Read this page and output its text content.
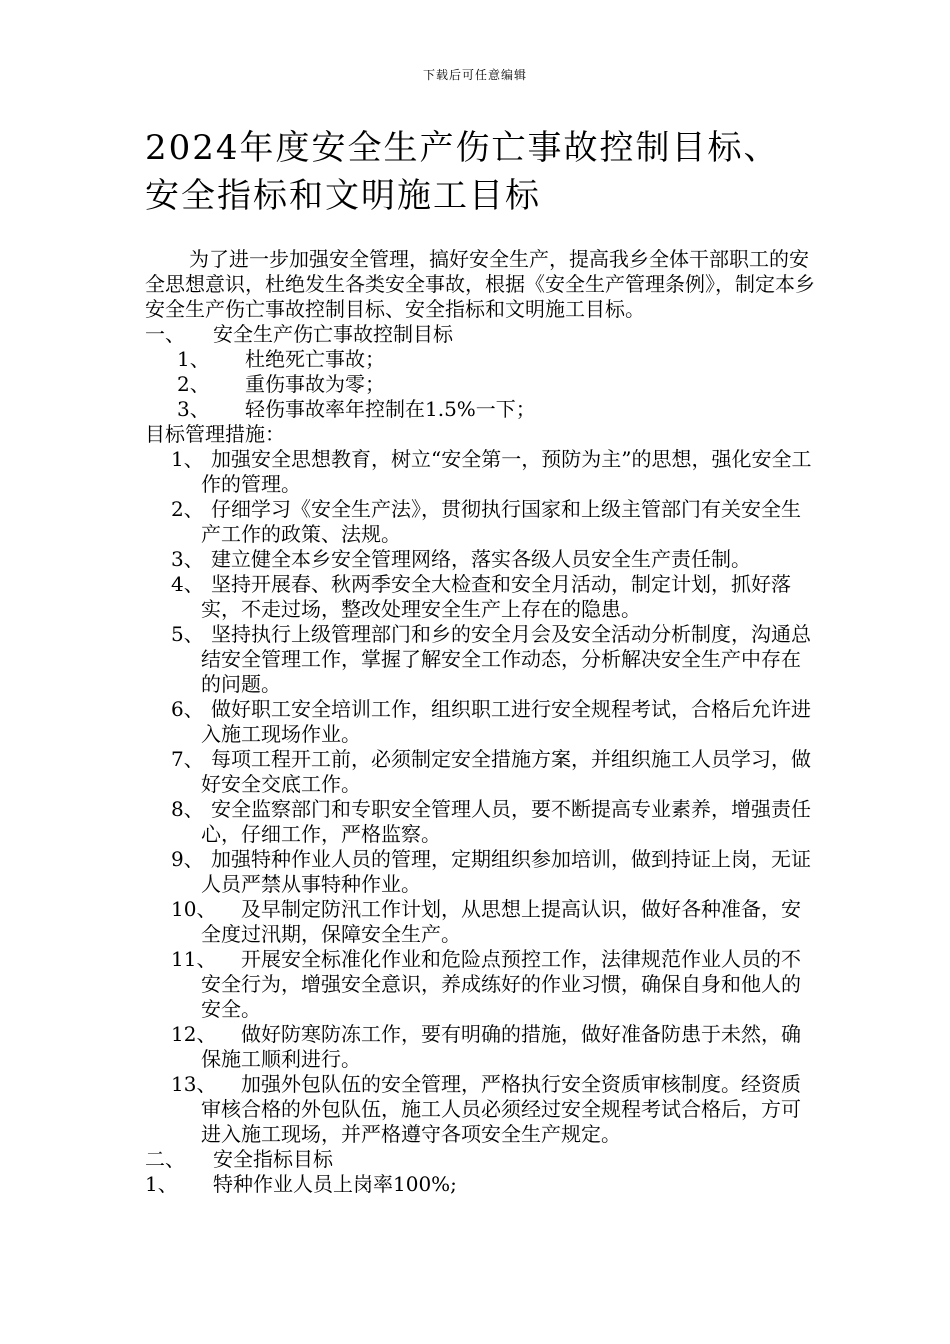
下载后可任意编辑
2024年度安全生产伤亡事故控制目标、安全指标和文明施工目标

为了进一步加强安全管理，搞好安全生产，提高我乡全体干部职工的安全思想意识，杜绝发生各类安全事故，根据《安全生产管理条例》，制定本乡安全生产伤亡事故控制目标、安全指标和文明施工目标。

一、 安全生产伤亡事故控制目标

1、 杜绝死亡事故；

2、 重伤事故为零；

3、 轻伤事故率年控制在1.5%一下；

目标管理措施：

1、 加强安全思想教育，树立“安全第一，预防为主”的思想，强化安全工作的管理。

2、 仔细学习《安全生产法》，贯彻执行国家和上级主管部门有关安全生产工作的政策、法规。

3、 建立健全本乡安全管理网络，落实各级人员安全生产责任制。

4、 坚持开展春、秋两季安全大检查和安全月活动，制定计划，抓好落实，不走过场，整改处理安全生产上存在的隐患。

5、 坚持执行上级管理部门和乡的安全月会及安全活动分析制度，沟通总结安全管理工作，掌握了解安全工作动态，分析解决安全生产中存在的问题。

6、 做好职工安全培训工作，组织职工进行安全规程考试，合格后允许进入施工现场作业。

7、 每项工程开工前，必须制定安全措施方案，并组织施工人员学习，做好安全交底工作。

8、 安全监察部门和专职安全管理人员，要不断提高专业素养，增强责任心，仔细工作，严格监察。

9、 加强特种作业人员的管理，定期组织参加培训，做到持证上岗，无证人员严禁从事特种作业。

10、 及早制定防汛工作计划，从思想上提高认识，做好各种准备，安全度过汛期，保障安全生产。

11、 开展安全标准化作业和危险点预控工作，法律规范作业人员的不安全行为，增强安全意识，养成练好的作业习惯，确保自身和他人的安全。

12、 做好防寒防冻工作，要有明确的措施，做好准备防患于未然，确保施工顺利进行。

13、 加强外包队伍的安全管理，严格执行安全资质审核制度。经资质审核合格的外包队伍，施工人员必须经过安全规程考试合格后，方可进入施工现场，并严格遵守各项安全生产规定。

二、 安全指标目标

1、 特种作业人员上岗率100%;
